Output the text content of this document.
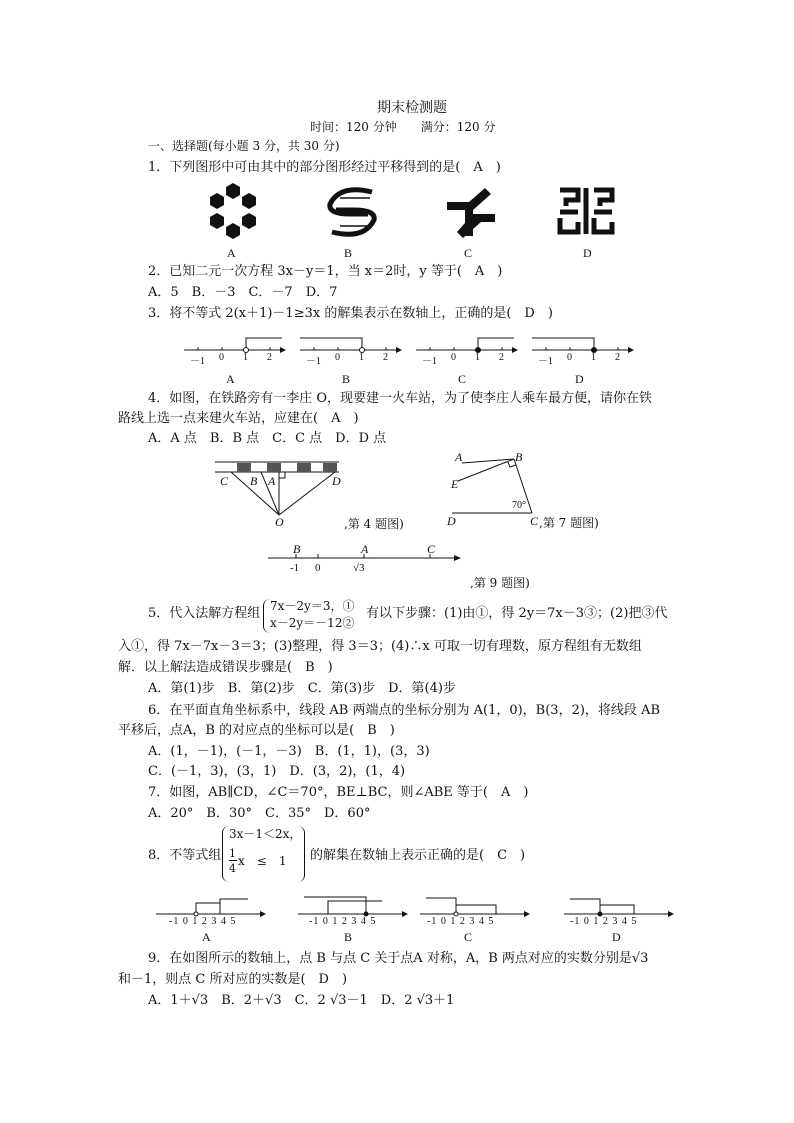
期末检测题
时间：120 分钟　　满分：120 分
一、选择题(每小题 3 分，共 30 分)
1．下列图形中可由其中的部分图形经过平移得到的是(　A　)
A	B	C	D
2．已知二元一次方程 3x－y＝1，当 x＝2时，y 等于(　A　)
A．5　B．－3　C．－7　D．7
3．将不等式 2(x＋1)－1≥3x 的解集表示在数轴上，正确的是(　D　)
－1 0 1 2	－1 0 1 2	－1 0 1 2	－1 0 1 2
A	B	C	D
4．如图，在铁路旁有一李庄 O，现要建一火车站，为了使李庄人乘车最方便，请你在铁
路线上选一点来建火车站，应建在(　A　)
A．A 点　B．B 点　C．C 点　D．D 点
C B A	D
O	,第 4 题图)
A	B
E
D	C
70°
,第 7 题图)
B	A	C
-1 0	√3
,第 9 题图)
5．代入法解方程组 7x－2y＝3，①
x－2y＝－12②
有以下步骤：(1)由①，得 2y＝7x－3③；(2)把③代
入①，得 7x－7x－3＝3；(3)整理，得 3＝3；(4)∴x 可取一切有理数，原方程组有无数组
解．以上解法造成错误步骤是(　B　)
A．第(1)步　B．第(2)步　C．第(3)步　D．第(4)步
6．在平面直角坐标系中，线段 AB 两端点的坐标分别为 A(1，0)，B(3，2)，将线段 AB
平移后，点A，B 的对应点的坐标可以是(　B　)
A．(1，－1)，(－1，－3)　B．(1，1)，(3，3)
C．(－1，3)，(3，1)　D．(3，2)，(1，4)
7．如图，AB∥CD，∠C＝70°，BE⊥BC，则∠ABE 等于(　A　)
A．20°　B．30°　C．35°　D．60°
8．不等式组
3x－1＜2x，
1
4
x　≤　1 的解集在数轴上表示正确的是(　C　)
-1 0 1 2 3 4 5	-1 0 1 2 3 4 5	-1 0 1 2 3 4 5	-1 0 1 2 3 4 5
A	B	C	D
9．在如图所示的数轴上，点 B 与点 C 关于点A 对称，A，B 两点对应的实数分别是√3
和－1，则点 C 所对应的实数是(　D　)
A．1＋√3　B．2＋√3　C．2 √3－1　D．2 √3＋1
